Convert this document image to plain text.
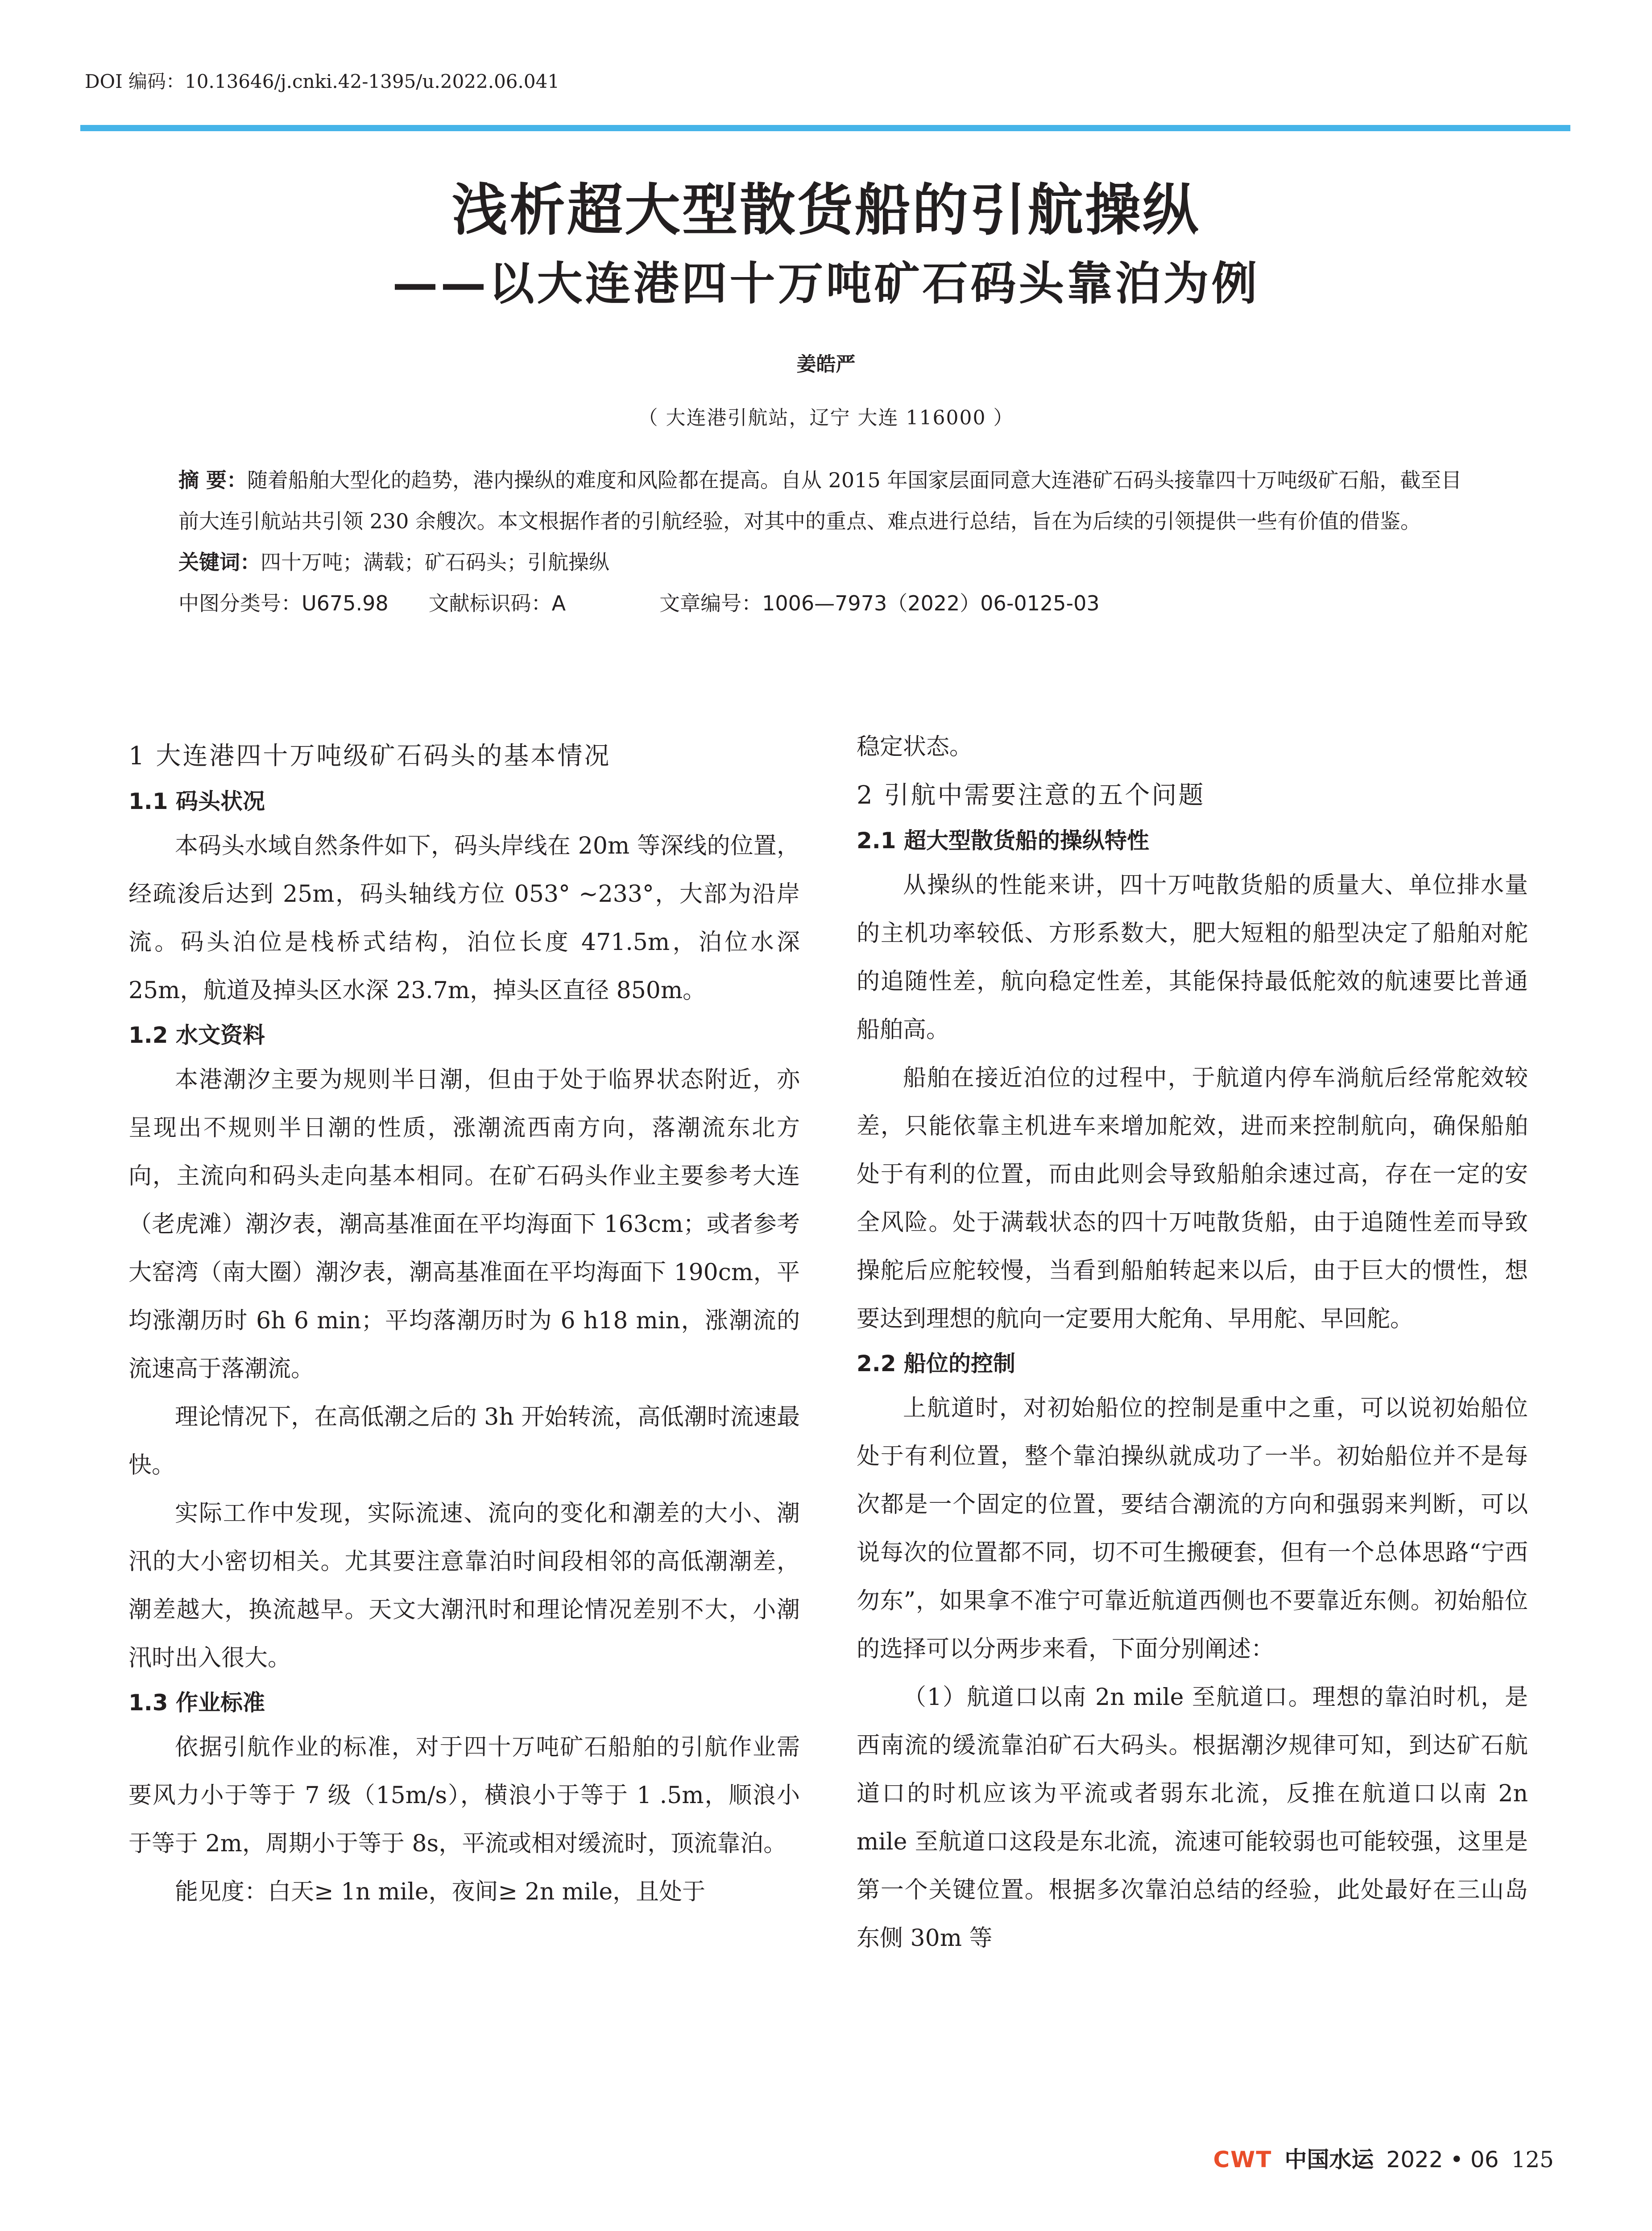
DOI 编码：10.13646/j.cnki.42-1395/u.2022.06.041
浅析超大型散货船的引航操纵
——以大连港四十万吨矿石码头靠泊为例
姜皓严
（ 大连港引航站，辽宁 大连 116000 ）
摘 要：随着船舶大型化的趋势，港内操纵的难度和风险都在提高。自从 2015 年国家层面同意大连港矿石码头接靠四十万吨级矿石船，截至目前大连引航站共引领 230 余艘次。本文根据作者的引航经验，对其中的重点、难点进行总结，旨在为后续的引领提供一些有价值的借鉴。
关键词：四十万吨；满载；矿石码头；引航操纵
中图分类号：U675.98 文献标识码：A	文章编号：1006—7973（2022）06-0125-03

1 大连港四十万吨级矿石码头的基本情况

1.1 码头状况

本码头水域自然条件如下，码头岸线在 20m 等深线的位置，经疏浚后达到 25m，码头轴线方位 053° ~233°，大部为沿岸流。码头泊位是栈桥式结构，泊位长度 471.5m，泊位水深 25m，航道及掉头区水深 23.7m，掉头区直径 850m。

1.2 水文资料

本港潮汐主要为规则半日潮，但由于处于临界状态附近，亦呈现出不规则半日潮的性质，涨潮流西南方向，落潮流东北方向，主流向和码头走向基本相同。在矿石码头作业主要参考大连（老虎滩）潮汐表，潮高基准面在平均海面下 163cm；或者参考大窑湾（南大圈）潮汐表，潮高基准面在平均海面下 190cm，平均涨潮历时 6h 6 min；平均落潮历时为 6 h18 min，涨潮流的流速高于落潮流。

理论情况下，在高低潮之后的 3h 开始转流，高低潮时流速最快。

实际工作中发现，实际流速、流向的变化和潮差的大小、潮汛的大小密切相关。尤其要注意靠泊时间段相邻的高低潮潮差，潮差越大，换流越早。天文大潮汛时和理论情况差别不大，小潮汛时出入很大。

1.3 作业标准

依据引航作业的标准，对于四十万吨矿石船舶的引航作业需要风力小于等于 7 级（15m/s），横浪小于等于 1 .5m，顺浪小于等于 2m，周期小于等于 8s，平流或相对缓流时，顶流靠泊。

能见度：白天≥ 1n mile，夜间≥ 2n mile，且处于

稳定状态。

2 引航中需要注意的五个问题

2.1 超大型散货船的操纵特性

从操纵的性能来讲，四十万吨散货船的质量大、单位排水量的主机功率较低、方形系数大，肥大短粗的船型决定了船舶对舵的追随性差，航向稳定性差，其能保持最低舵效的航速要比普通船舶高。

船舶在接近泊位的过程中，于航道内停车淌航后经常舵效较差，只能依靠主机进车来增加舵效，进而来控制航向，确保船舶处于有利的位置，而由此则会导致船舶余速过高，存在一定的安全风险。处于满载状态的四十万吨散货船，由于追随性差而导致操舵后应舵较慢，当看到船舶转起来以后，由于巨大的惯性，想要达到理想的航向一定要用大舵角、早用舵、早回舵。

2.2 船位的控制

上航道时，对初始船位的控制是重中之重，可以说初始船位处于有利位置，整个靠泊操纵就成功了一半。初始船位并不是每次都是一个固定的位置，要结合潮流的方向和强弱来判断，可以说每次的位置都不同，切不可生搬硬套，但有一个总体思路“宁西勿东”，如果拿不准宁可靠近航道西侧也不要靠近东侧。初始船位的选择可以分两步来看，下面分别阐述：

（1）航道口以南 2n mile 至航道口。理想的靠泊时机，是西南流的缓流靠泊矿石大码头。根据潮汐规律可知，到达矿石航道口的时机应该为平流或者弱东北流，反推在航道口以南 2n mile 至航道口这段是东北流，流速可能较弱也可能较强，这里是第一个关键位置。根据多次靠泊总结的经验，此处最好在三山岛东侧 30m 等

CWT 中国水运 2022 • 06 125
